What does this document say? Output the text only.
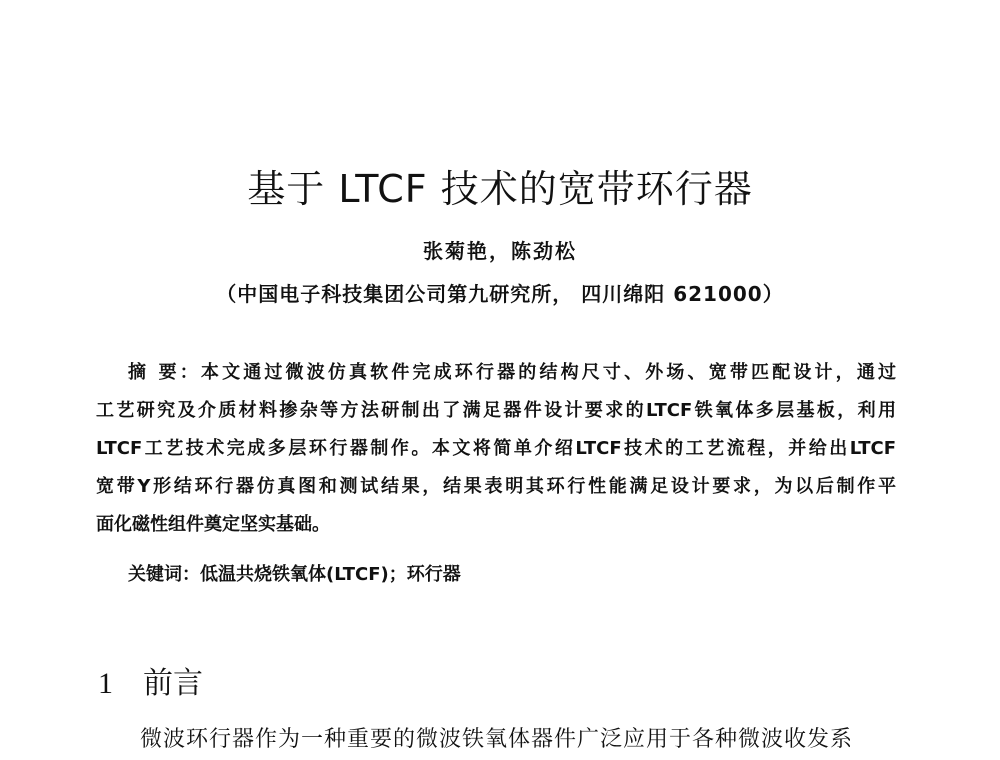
基于 LTCF 技术的宽带环行器
张菊艳，陈劲松
（中国电子科技集团公司第九研究所， 四川绵阳 621000）
摘 要：本文通过微波仿真软件完成环行器的结构尺寸、外场、宽带匹配设计，通过
工艺研究及介质材料掺杂等方法研制出了满足器件设计要求的LTCF铁氧体多层基板，利用
LTCF工艺技术完成多层环行器制作。本文将简单介绍LTCF技术的工艺流程，并给出LTCF
宽带Y形结环行器仿真图和测试结果，结果表明其环行性能满足设计要求，为以后制作平
面化磁性组件奠定坚实基础。
关键词：低温共烧铁氧体(LTCF)；环行器
1 前言
微波环行器作为一种重要的微波铁氧体器件广泛应用于各种微波收发系
